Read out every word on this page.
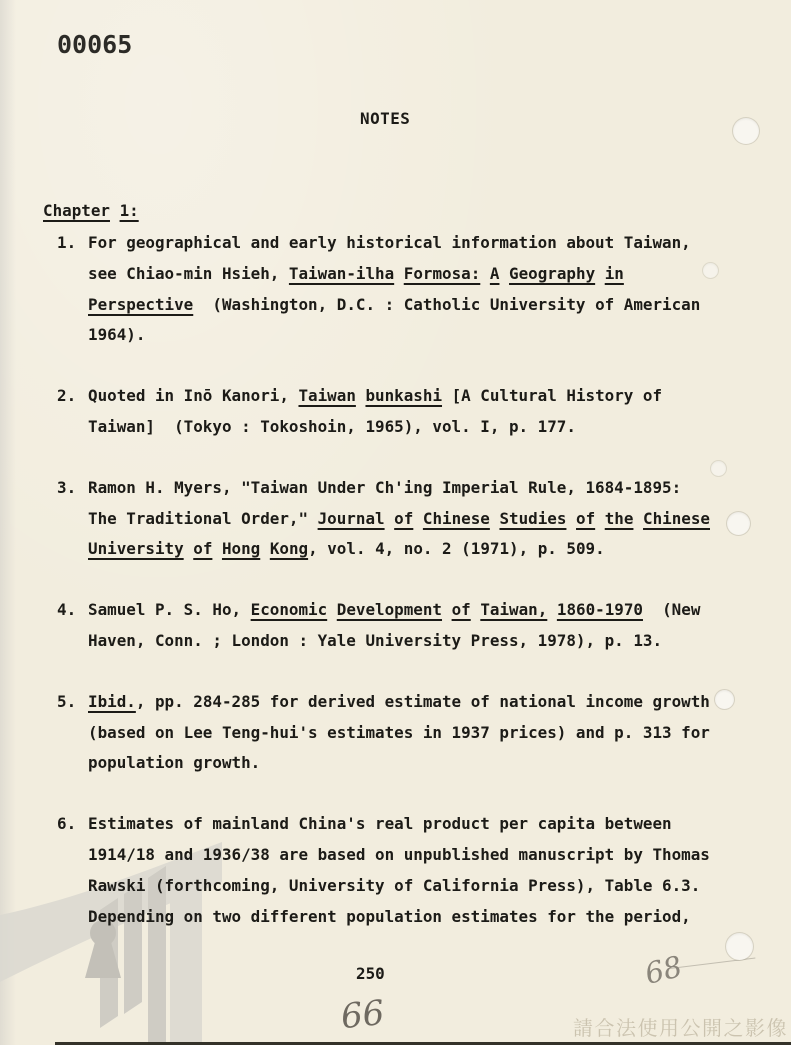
00065
NOTES
Chapter 1:
1. For geographical and early historical information about Taiwan,
see Chiao-min Hsieh, Taiwan-ilha Formosa: A Geography in
Perspective  (Washington, D.C. : Catholic University of American
1964).
2. Quoted in Inō Kanori, Taiwan bunkashi [A Cultural History of
Taiwan]  (Tokyo : Tokoshoin, 1965), vol. I, p. 177.
3. Ramon H. Myers, "Taiwan Under Ch'ing Imperial Rule, 1684-1895:
The Traditional Order," Journal of Chinese Studies of the Chinese
University of Hong Kong, vol. 4, no. 2 (1971), p. 509.
4. Samuel P. S. Ho, Economic Development of Taiwan, 1860-1970  (New
Haven, Conn. ; London : Yale University Press, 1978), p. 13.
5. Ibid., pp. 284-285 for derived estimate of national income growth
(based on Lee Teng-hui's estimates in 1937 prices) and p. 313 for
population growth.
6. Estimates of mainland China's real product per capita between
1914/18 and 1936/38 are based on unpublished manuscript by Thomas
Rawski (forthcoming, University of California Press), Table 6.3.
Depending on two different population estimates for the period,
250
66
68
請合法使用公開之影像
